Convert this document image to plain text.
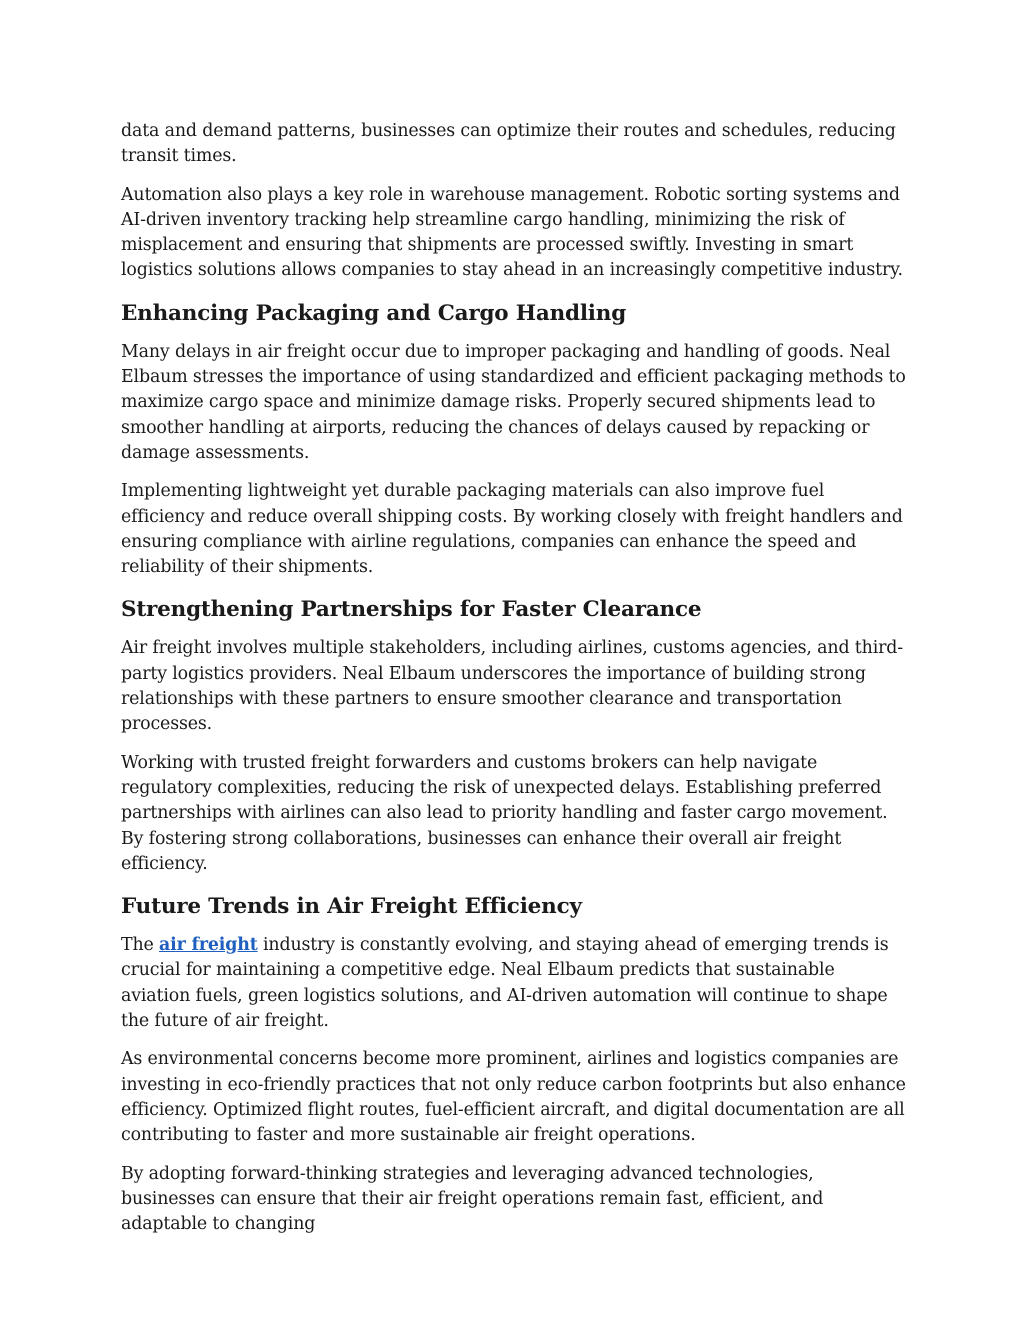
data and demand patterns, businesses can optimize their routes and schedules, reducing transit times.

Automation also plays a key role in warehouse management. Robotic sorting systems and AI-driven inventory tracking help streamline cargo handling, minimizing the risk of misplacement and ensuring that shipments are processed swiftly. Investing in smart logistics solutions allows companies to stay ahead in an increasingly competitive industry.

Enhancing Packaging and Cargo Handling

Many delays in air freight occur due to improper packaging and handling of goods. Neal Elbaum stresses the importance of using standardized and efficient packaging methods to maximize cargo space and minimize damage risks. Properly secured shipments lead to smoother handling at airports, reducing the chances of delays caused by repacking or damage assessments.

Implementing lightweight yet durable packaging materials can also improve fuel efficiency and reduce overall shipping costs. By working closely with freight handlers and ensuring compliance with airline regulations, companies can enhance the speed and reliability of their shipments.

Strengthening Partnerships for Faster Clearance

Air freight involves multiple stakeholders, including airlines, customs agencies, and third-party logistics providers. Neal Elbaum underscores the importance of building strong relationships with these partners to ensure smoother clearance and transportation processes.

Working with trusted freight forwarders and customs brokers can help navigate regulatory complexities, reducing the risk of unexpected delays. Establishing preferred partnerships with airlines can also lead to priority handling and faster cargo movement. By fostering strong collaborations, businesses can enhance their overall air freight efficiency.

Future Trends in Air Freight Efficiency

The air freight industry is constantly evolving, and staying ahead of emerging trends is crucial for maintaining a competitive edge. Neal Elbaum predicts that sustainable aviation fuels, green logistics solutions, and AI-driven automation will continue to shape the future of air freight.

As environmental concerns become more prominent, airlines and logistics companies are investing in eco-friendly practices that not only reduce carbon footprints but also enhance efficiency. Optimized flight routes, fuel-efficient aircraft, and digital documentation are all contributing to faster and more sustainable air freight operations.

By adopting forward-thinking strategies and leveraging advanced technologies, businesses can ensure that their air freight operations remain fast, efficient, and adaptable to changing
